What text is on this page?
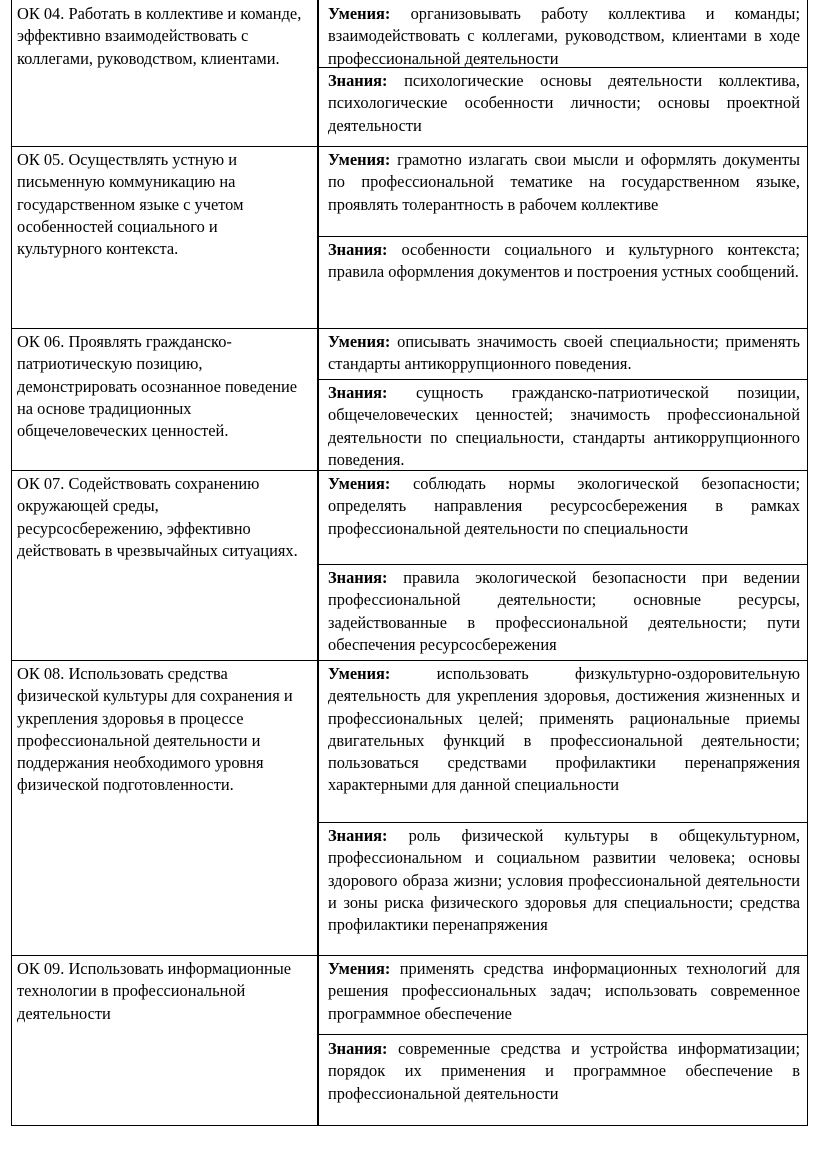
ОК 04. Работать в коллективе и команде, эффективно взаимодействовать с коллегами, руководством, клиентами.
Умения: организовывать работу коллектива и команды; взаимодействовать с коллегами, руководством, клиентами в ходе профессиональной деятельности
Знания: психологические основы деятельности коллектива, психологические особенности личности; основы проектной деятельности
ОК 05. Осуществлять устную и письменную коммуникацию на государственном языке с учетом особенностей социального и культурного контекста.
Умения: грамотно излагать свои мысли и оформлять документы по профессиональной тематике на государственном языке, проявлять толерантность в рабочем коллективе
Знания: особенности социального и культурного контекста; правила оформления документов и построения устных сообщений.
ОК 06. Проявлять гражданско-патриотическую позицию, демонстрировать осознанное поведение на основе традиционных общечеловеческих ценностей.
Умения: описывать значимость своей специальности; применять стандарты антикоррупционного поведения.
Знания: сущность гражданско-патриотической позиции, общечеловеческих ценностей; значимость профессиональной деятельности по специальности, стандарты антикоррупционного поведения.
ОК 07. Содействовать сохранению окружающей среды, ресурсосбережению, эффективно действовать в чрезвычайных ситуациях.
Умения: соблюдать нормы экологической безопасности; определять направления ресурсосбережения в рамках профессиональной деятельности по специальности
Знания: правила экологической безопасности при ведении профессиональной деятельности; основные ресурсы, задействованные в профессиональной деятельности; пути обеспечения ресурсосбережения
ОК 08. Использовать средства физической культуры для сохранения и укрепления здоровья в процессе профессиональной деятельности и поддержания необходимого уровня физической подготовленности.
Умения: использовать физкультурно-оздоровительную деятельность для укрепления здоровья, достижения жизненных и профессиональных целей; применять рациональные приемы двигательных функций в профессиональной деятельности; пользоваться средствами профилактики перенапряжения характерными для данной специальности
Знания: роль физической культуры в общекультурном, профессиональном и социальном развитии человека; основы здорового образа жизни; условия профессиональной деятельности и зоны риска физического здоровья для специальности; средства профилактики перенапряжения
ОК 09. Использовать информационные технологии в профессиональной деятельности
Умения: применять средства информационных технологий для решения профессиональных задач; использовать современное программное обеспечение
Знания: современные средства и устройства информатизации; порядок их применения и программное обеспечение в профессиональной деятельности
